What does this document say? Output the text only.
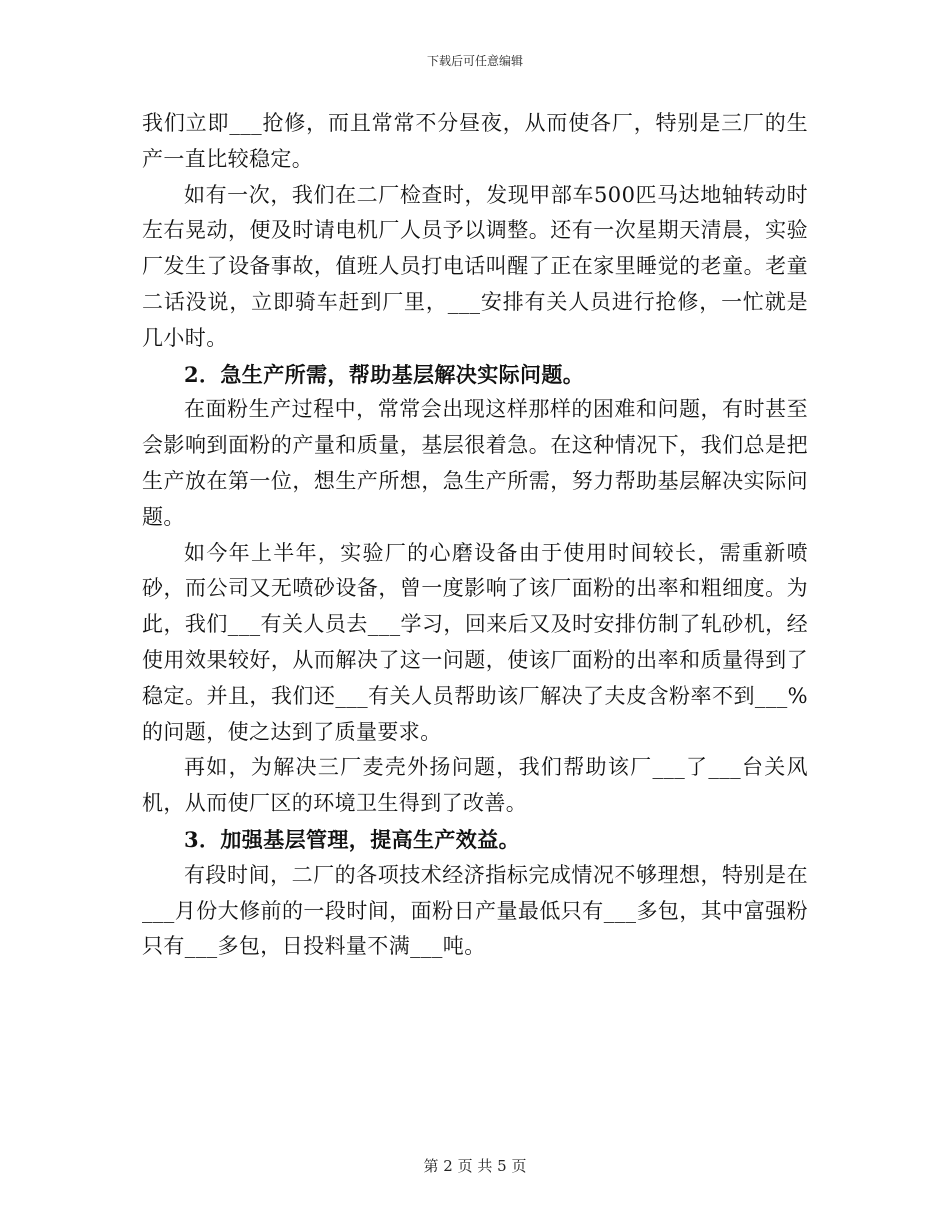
下载后可任意编辑

我们立即___抢修，而且常常不分昼夜，从而使各厂，特别是三厂的生产一直比较稳定。

如有一次，我们在二厂检查时，发现甲部车500匹马达地轴转动时左右晃动，便及时请电机厂人员予以调整。还有一次星期天清晨，实验厂发生了设备事故，值班人员打电话叫醒了正在家里睡觉的老童。老童二话没说，立即骑车赶到厂里，___安排有关人员进行抢修，一忙就是几小时。

2．急生产所需，帮助基层解决实际问题。

在面粉生产过程中，常常会出现这样那样的困难和问题，有时甚至会影响到面粉的产量和质量，基层很着急。在这种情况下，我们总是把生产放在第一位，想生产所想，急生产所需，努力帮助基层解决实际问题。

如今年上半年，实验厂的心磨设备由于使用时间较长，需重新喷砂，而公司又无喷砂设备，曾一度影响了该厂面粉的出率和粗细度。为此，我们___有关人员去___学习，回来后又及时安排仿制了轧砂机，经使用效果较好，从而解决了这一问题，使该厂面粉的出率和质量得到了稳定。并且，我们还___有关人员帮助该厂解决了夫皮含粉率不到___%的问题，使之达到了质量要求。

再如，为解决三厂麦壳外扬问题，我们帮助该厂___了___台关风机，从而使厂区的环境卫生得到了改善。

3．加强基层管理，提高生产效益。

有段时间，二厂的各项技术经济指标完成情况不够理想，特别是在___月份大修前的一段时间，面粉日产量最低只有___多包，其中富强粉只有___多包，日投料量不满___吨。

第 2 页 共 5 页
